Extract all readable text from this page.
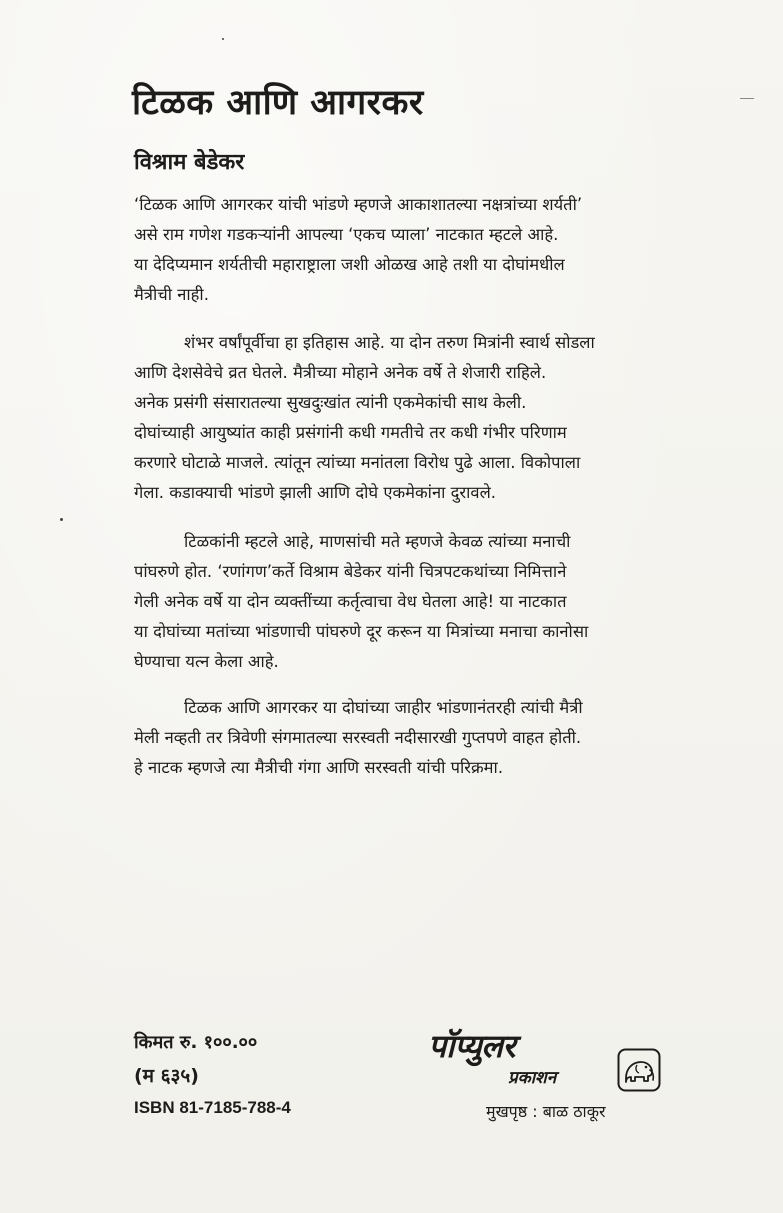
टिळक आणि आगरकर
विश्राम बेडेकर

‘टिळक आणि आगरकर यांची भांडणे म्हणजे आकाशातल्या नक्षत्रांच्या शर्यती’
असे राम गणेश गडकऱ्यांनी आपल्या ‘एकच प्याला’ नाटकात म्हटले आहे.
या देदिप्यमान शर्यतीची महाराष्ट्राला जशी ओळख आहे तशी या दोघांमधील
मैत्रीची नाही.

शंभर वर्षांपूर्वीचा हा इतिहास आहे. या दोन तरुण मित्रांनी स्वार्थ सोडला
आणि देशसेवेचे व्रत घेतले. मैत्रीच्या मोहाने अनेक वर्षे ते शेजारी राहिले.
अनेक प्रसंगी संसारातल्या सुखदुःखांत त्यांनी एकमेकांची साथ केली.
दोघांच्याही आयुष्यांत काही प्रसंगांनी कधी गमतीचे तर कधी गंभीर परिणाम
करणारे घोटाळे माजले. त्यांतून त्यांच्या मनांतला विरोध पुढे आला. विकोपाला
गेला. कडाक्याची भांडणे झाली आणि दोघे एकमेकांना दुरावले.

टिळकांनी म्हटले आहे, माणसांची मते म्हणजे केवळ त्यांच्या मनाची
पांघरुणे होत. ‘रणांगण’कर्ते विश्राम बेडेकर यांनी चित्रपटकथांच्या निमित्ताने
गेली अनेक वर्षे या दोन व्यक्तींच्या कर्तृत्वाचा वेध घेतला आहे! या नाटकात
या दोघांच्या मतांच्या भांडणाची पांघरुणे दूर करून या मित्रांच्या मनाचा कानोसा
घेण्याचा यत्न केला आहे.

टिळक आणि आगरकर या दोघांच्या जाहीर भांडणानंतरही त्यांची मैत्री
मेली नव्हती तर त्रिवेणी संगमातल्या सरस्वती नदीसारखी गुप्तपणे वाहत होती.
हे नाटक म्हणजे त्या मैत्रीची गंगा आणि सरस्वती यांची परिक्रमा.

किमत रु. १००.००
(म ६३५)
ISBN 81-7185-788-4
पॉप्युलर
प्रकाशन
मुखपृष्ठ : बाळ ठाकूर
